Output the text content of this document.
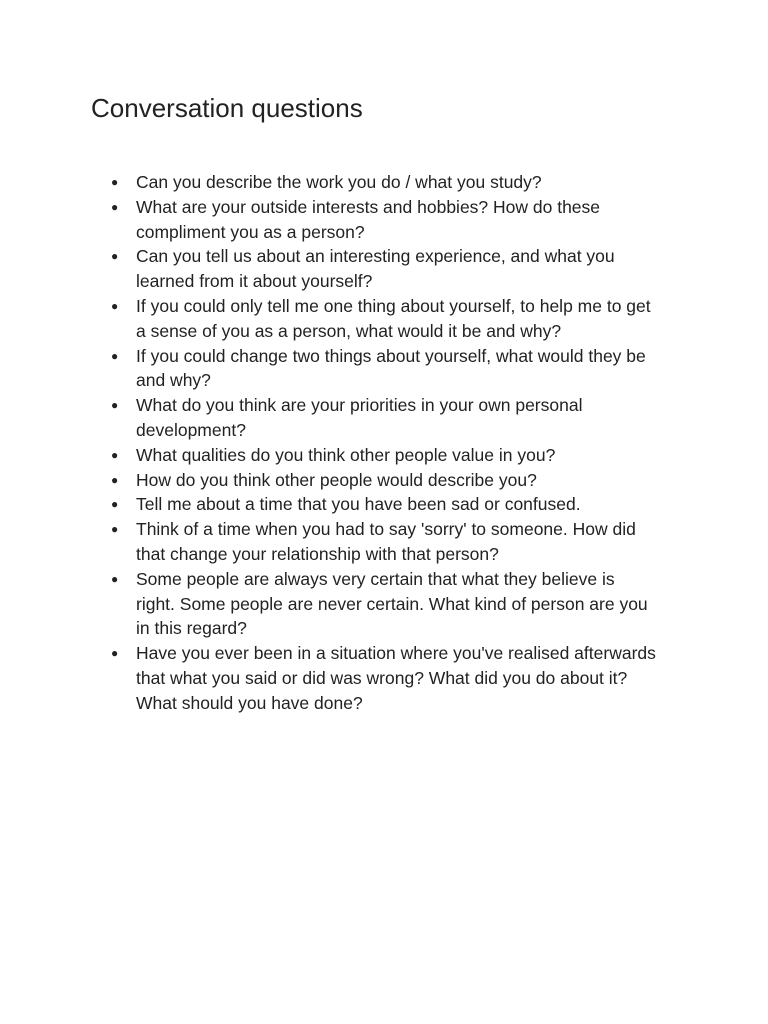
Conversation questions
● Can you describe the work you do / what you study?
● What are your outside interests and hobbies? How do these
compliment you as a person?
● Can you tell us about an interesting experience, and what you
learned from it about yourself?
● If you could only tell me one thing about yourself, to help me to get
a sense of you as a person, what would it be and why?
● If you could change two things about yourself, what would they be
and why?
● What do you think are your priorities in your own personal
development?
● What qualities do you think other people value in you?
● How do you think other people would describe you?
● Tell me about a time that you have been sad or confused.
● Think of a time when you had to say 'sorry' to someone. How did
that change your relationship with that person?
● Some people are always very certain that what they believe is
right. Some people are never certain. What kind of person are you
in this regard?
● Have you ever been in a situation where you've realised afterwards
that what you said or did was wrong? What did you do about it?
What should you have done?
